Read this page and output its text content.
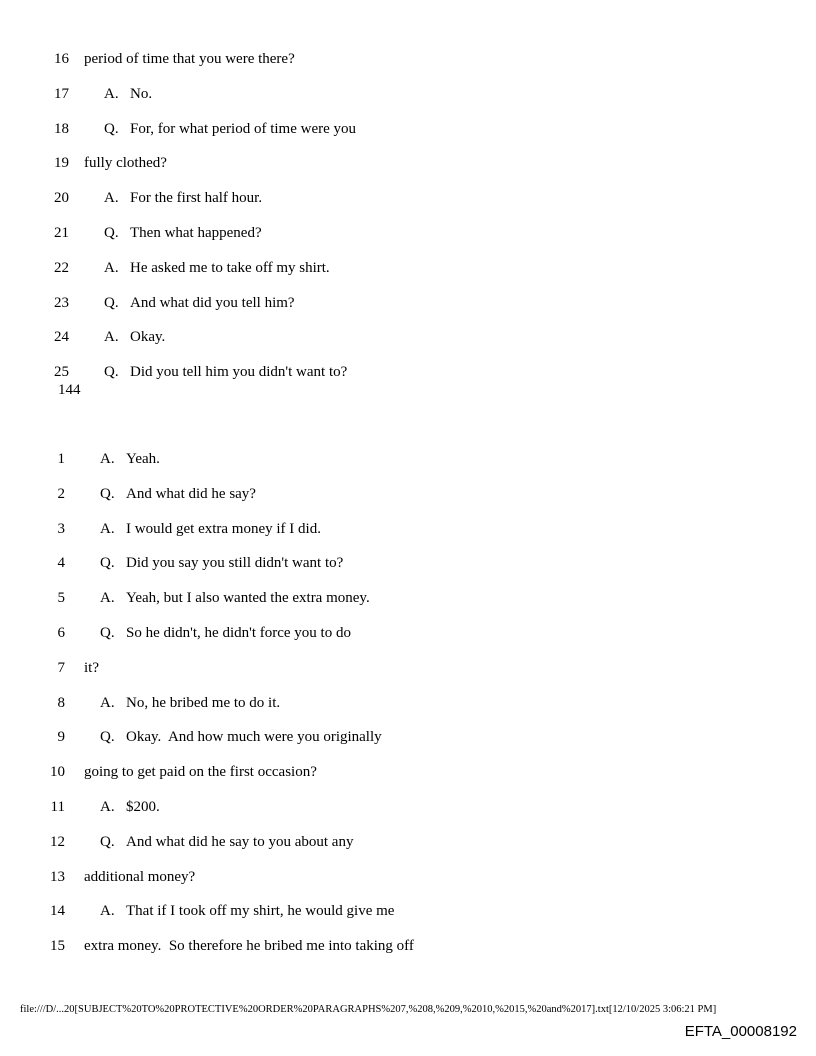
16 period of time that you were there?
17 A. No.
18 Q. For, for what period of time were you
19 fully clothed?
20 A. For the first half hour.
21 Q. Then what happened?
22 A. He asked me to take off my shirt.
23 Q. And what did you tell him?
24 A. Okay.
25 Q. Did you tell him you didn't want to?
144
1 A. Yeah.
2 Q. And what did he say?
3 A. I would get extra money if I did.
4 Q. Did you say you still didn't want to?
5 A. Yeah, but I also wanted the extra money.
6 Q. So he didn't, he didn't force you to do
7 it?
8 A. No, he bribed me to do it.
9 Q. Okay.  And how much were you originally
10 going to get paid on the first occasion?
11 A. $200.
12 Q. And what did he say to you about any
13 additional money?
14 A. That if I took off my shirt, he would give me
15 extra money.  So therefore he bribed me into taking off
file:///D/...20[SUBJECT%20TO%20PROTECTIVE%20ORDER%20PARAGRAPHS%207,%208,%209,%2010,%2015,%20and%2017].txt[12/10/2025 3:06:21 PM]
EFTA_00008192
